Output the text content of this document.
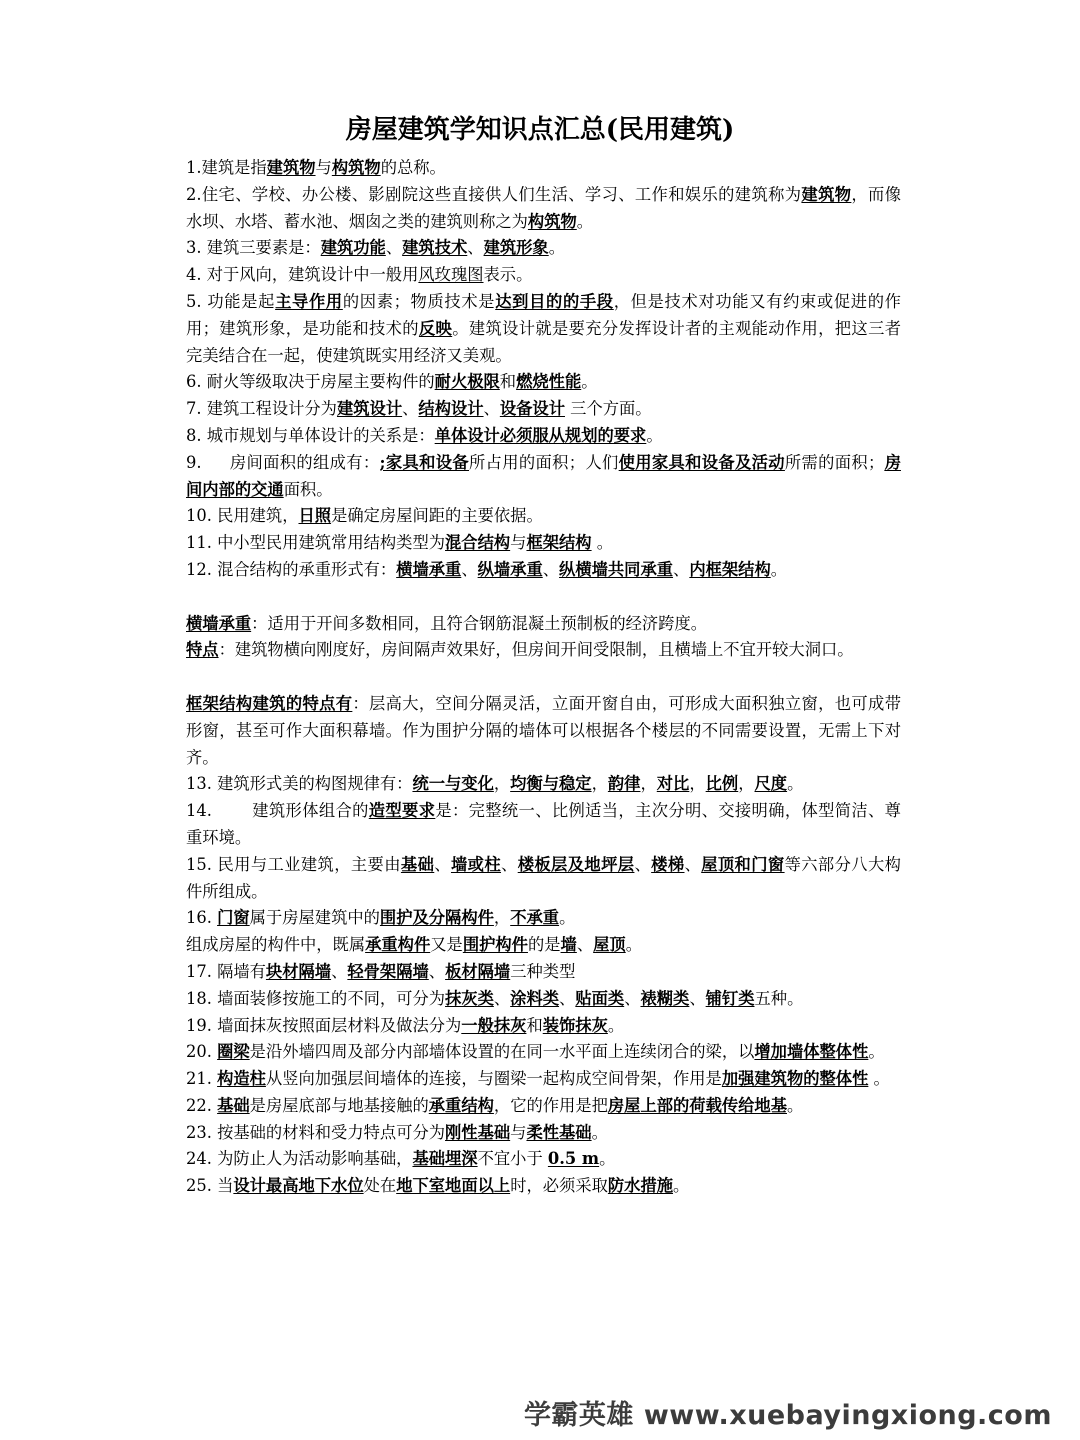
房屋建筑学知识点汇总(民用建筑)

1.建筑是指建筑物与构筑物的总称。

2.住宅、学校、办公楼、影剧院这些直接供人们生活、学习、工作和娱乐的建筑称为建筑物，而像水坝、水塔、蓄水池、烟囱之类的建筑则称之为构筑物。

3. 建筑三要素是：建筑功能、建筑技术、建筑形象。

4. 对于风向，建筑设计中一般用风玫瑰图表示。

5. 功能是起主导作用的因素；物质技术是达到目的的手段，但是技术对功能又有约束或促进的作用；建筑形象，是功能和技术的反映。建筑设计就是要充分发挥设计者的主观能动作用，把这三者完美结合在一起，使建筑既实用经济又美观。

6. 耐火等级取决于房屋主要构件的耐火极限和燃烧性能。

7. 建筑工程设计分为建筑设计、结构设计、设备设计 三个方面。

8. 城市规划与单体设计的关系是：单体设计必须服从规划的要求。

9. 房间面积的组成有：;家具和设备所占用的面积；人们使用家具和设备及活动所需的面积；房间内部的交通面积。

10. 民用建筑，日照是确定房屋间距的主要依据。

11. 中小型民用建筑常用结构类型为混合结构与框架结构 。

12. 混合结构的承重形式有：横墙承重、纵墙承重、纵横墙共同承重、内框架结构。

横墙承重：适用于开间多数相同，且符合钢筋混凝土预制板的经济跨度。

特点：建筑物横向刚度好，房间隔声效果好，但房间开间受限制，且横墙上不宜开较大洞口。

框架结构建筑的特点有：层高大，空间分隔灵活，立面开窗自由，可形成大面积独立窗，也可成带形窗，甚至可作大面积幕墙。作为围护分隔的墙体可以根据各个楼层的不同需要设置，无需上下对齐。

13. 建筑形式美的构图规律有：统一与变化，均衡与稳定，韵律，对比，比例，尺度。

14. 建筑形体组合的造型要求是：完整统一、比例适当，主次分明、交接明确，体型简洁、尊重环境。

15. 民用与工业建筑，主要由基础、墙或柱、楼板层及地坪层、楼梯、屋顶和门窗等六部分八大构件所组成。

16. 门窗属于房屋建筑中的围护及分隔构件，不承重。

组成房屋的构件中，既属承重构件又是围护构件的是墙、屋顶。

17. 隔墙有块材隔墙、轻骨架隔墙、板材隔墙三种类型

18. 墙面装修按施工的不同，可分为抹灰类、涂料类、贴面类、裱糊类、铺钉类五种。

19. 墙面抹灰按照面层材料及做法分为一般抹灰和装饰抹灰。

20. 圈梁是沿外墙四周及部分内部墙体设置的在同一水平面上连续闭合的梁，以增加墙体整体性。

21. 构造柱从竖向加强层间墙体的连接，与圈梁一起构成空间骨架，作用是加强建筑物的整体性 。

22. 基础是房屋底部与地基接触的承重结构，它的作用是把房屋上部的荷载传给地基。

23. 按基础的材料和受力特点可分为刚性基础与柔性基础。

24. 为防止人为活动影响基础，基础埋深不宜小于 0.5 m。

25. 当设计最高地下水位处在地下室地面以上时，必须采取防水措施。

学霸英雄 www.xuebayingxiong.com
